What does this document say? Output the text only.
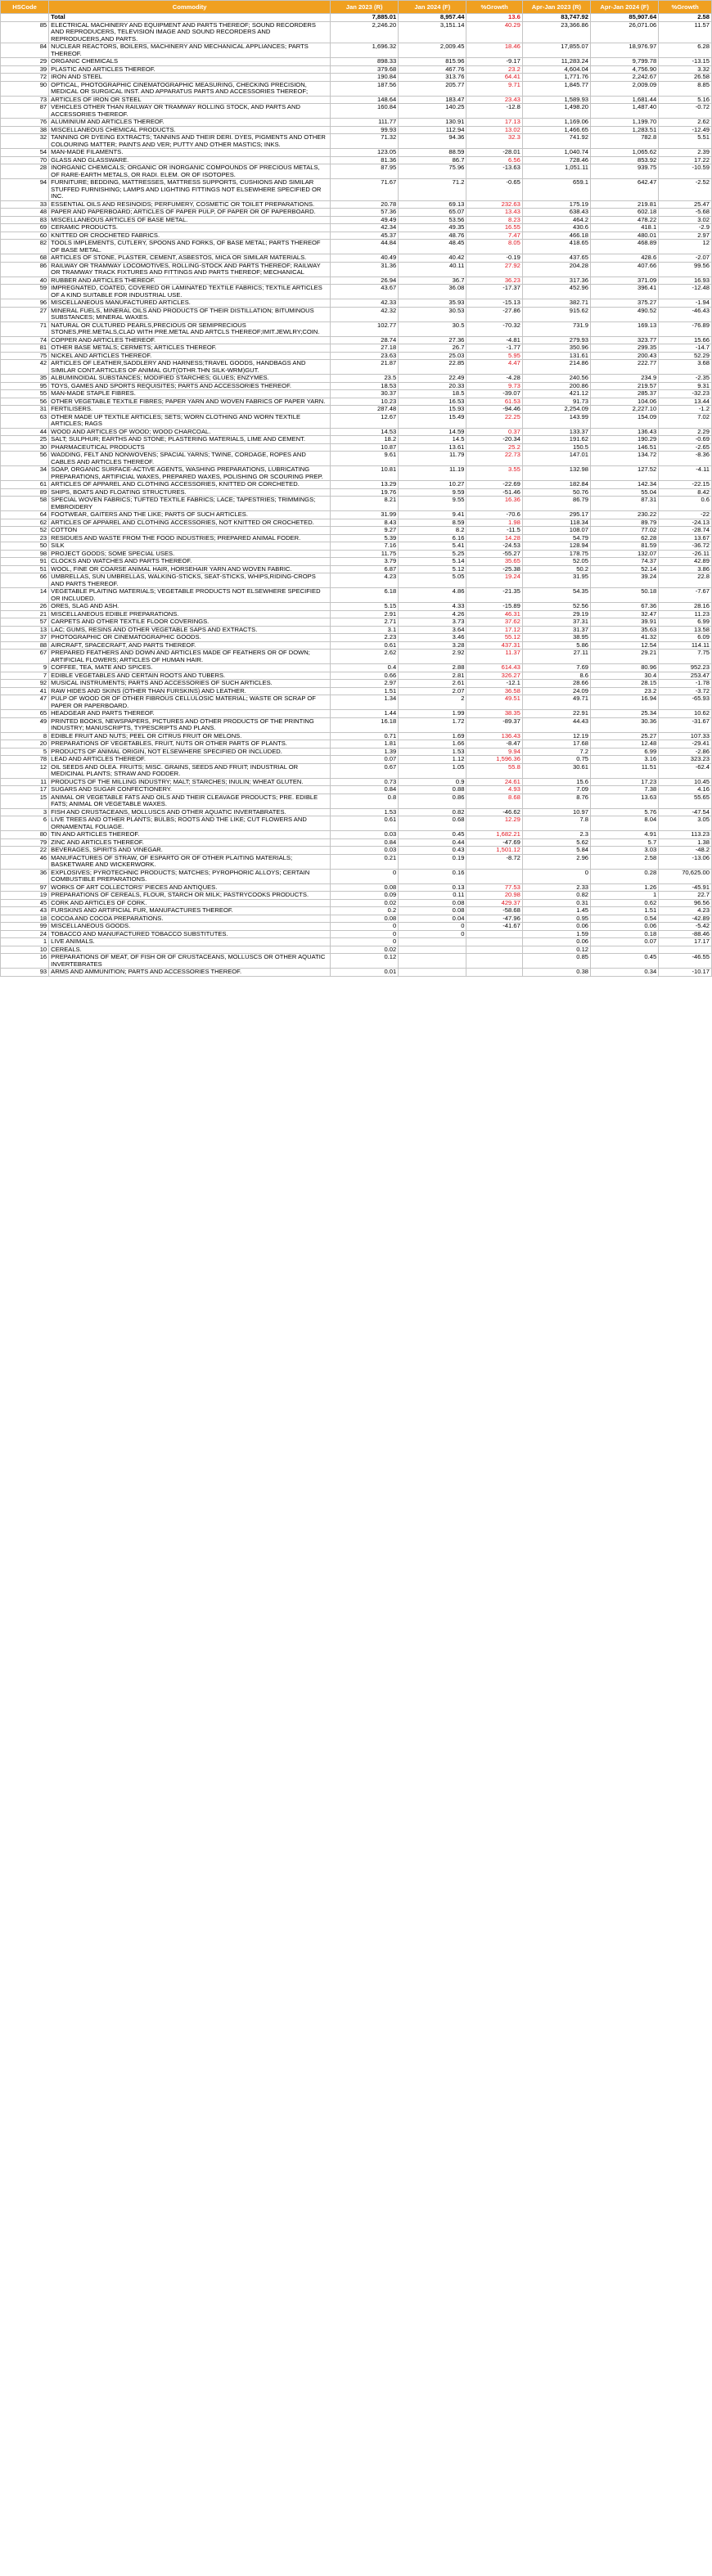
HSCode	Commodity	Jan 2023 (R)	Jan 2024 (F)	%Growth	Apr-Jan 2023 (R)	Apr-Jan 2024 (F)	%Growth
	Total	7,885.01	8,957.44	13.6	83,747.92	85,907.64	2.58
85	ELECTRICAL MACHINERY AND EQUIPMENT AND PARTS THEREOF; SOUND RECORDERS AND REPRODUCERS, TELEVISION IMAGE AND SOUND RECORDERS AND REPRODUCERS,AND PARTS.	2,246.20	3,151.14	40.29	23,366.86	26,071.06	11.57
84	NUCLEAR REACTORS, BOILERS, MACHINERY AND MECHANICAL APPLIANCES; PARTS THEREOF.	1,696.32	2,009.45	18.46	17,855.07	18,976.97	6.28
29	ORGANIC CHEMICALS	898.33	815.96	-9.17	11,283.24	9,799.78	-13.15
39	PLASTIC AND ARTICLES THEREOF.	379.68	467.76	23.2	4,604.04	4,756.90	3.32
72	IRON AND STEEL	190.84	313.76	64.41	1,771.76	2,242.67	26.58
90	OPTICAL, PHOTOGRAPHIC CINEMATOGRAPHIC MEASURING, CHECKING PRECISION, MEDICAL OR SURGICAL INST. AND APPARATUS PARTS AND ACCESSORIES THEREOF;	187.56	205.77	9.71	1,845.77	2,009.09	8.85
73	ARTICLES OF IRON OR STEEL	148.64	183.47	23.43	1,589.93	1,681.44	5.16
87	VEHICLES OTHER THAN RAILWAY OR TRAMWAY ROLLING STOCK, AND PARTS AND ACCESSORIES THEREOF.	160.84	140.25	-12.8	1,498.20	1,487.40	-0.72
76	ALUMINIUM AND ARTICLES THEREOF.	111.77	130.91	17.13	1,169.06	1,199.70	2.62
38	MISCELLANEOUS CHEMICAL PRODUCTS.	99.93	112.94	13.02	1,466.65	1,283.51	-12.49
32	TANNING OR DYEING EXTRACTS; TANNINS AND THEIR DERI. DYES, PIGMENTS AND OTHER COLOURING MATTER; PAINTS AND VER; PUTTY AND OTHER MASTICS; INKS.	71.32	94.36	32.3	741.92	782.8	5.51
54	MAN-MADE FILAMENTS.	123.05	88.59	-28.01	1,040.74	1,065.62	2.39
70	GLASS AND GLASSWARE.	81.36	86.7	6.56	728.46	853.92	17.22
28	INORGANIC CHEMICALS; ORGANIC OR INORGANIC COMPOUNDS OF PRECIOUS METALS, OF RARE-EARTH METALS, OR RADI. ELEM. OR OF ISOTOPES.	87.95	75.96	-13.63	1,051.11	939.75	-10.59
94	FURNITURE; BEDDING, MATTRESSES, MATTRESS SUPPORTS, CUSHIONS AND SIMILAR STUFFED FURNISHING; LAMPS AND LIGHTING FITTINGS NOT ELSEWHERE SPECIFIED OR INC.	71.67	71.2	-0.65	659.1	642.47	-2.52
33	ESSENTIAL OILS AND RESINOIDS; PERFUMERY, COSMETIC OR TOILET PREPARATIONS.	20.78	69.13	232.63	175.19	219.81	25.47
48	PAPER AND PAPERBOARD; ARTICLES OF PAPER PULP, OF PAPER OR OF PAPERBOARD.	57.36	65.07	13.43	638.43	602.18	-5.68
83	MISCELLANEOUS ARTICLES OF BASE METAL.	49.49	53.56	8.23	464.2	478.22	3.02
69	CERAMIC PRODUCTS.	42.34	49.35	16.55	430.6	418.1	-2.9
60	KNITTED OR CROCHETED FABRICS.	45.37	48.76	7.47	466.18	480.01	2.97
82	TOOLS IMPLEMENTS, CUTLERY, SPOONS AND FORKS, OF BASE METAL; PARTS THEREOF OF BASE METAL.	44.84	48.45	8.05	418.65	468.89	12
68	ARTICLES OF STONE, PLASTER, CEMENT, ASBESTOS, MICA OR SIMILAR MATERIALS.	40.49	40.42	-0.19	437.65	428.6	-2.07
86	RAILWAY OR TRAMWAY LOCOMOTIVES, ROLLING-STOCK AND PARTS THEREOF; RAILWAY OR TRAMWAY TRACK FIXTURES AND FITTINGS AND PARTS THEREOF; MECHANICAL	31.36	40.11	27.92	204.28	407.66	99.56
40	RUBBER AND ARTICLES THEREOF.	26.94	36.7	36.23	317.36	371.09	16.93
59	IMPREGNATED, COATED, COVERED OR LAMINATED TEXTILE FABRICS; TEXTILE ARTICLES OF A KIND SUITABLE FOR INDUSTRIAL USE.	43.67	36.08	-17.37	452.96	396.41	-12.48
96	MISCELLANEOUS MANUFACTURED ARTICLES.	42.33	35.93	-15.13	382.71	375.27	-1.94
27	MINERAL FUELS, MINERAL OILS AND PRODUCTS OF THEIR DISTILLATION; BITUMINOUS SUBSTANCES; MINERAL WAXES.	42.32	30.53	-27.86	915.62	490.52	-46.43
71	NATURAL OR CULTURED PEARLS,PRECIOUS OR SEMIPRECIOUS STONES,PRE.METALS,CLAD WITH PRE.METAL AND ARTCLS THEREOF;IMIT.JEWLRY;COIN.	102.77	30.5	-70.32	731.9	169.13	-76.89
74	COPPER AND ARTICLES THEREOF.	28.74	27.36	-4.81	279.93	323.77	15.66
81	OTHER BASE METALS; CERMETS; ARTICLES THEREOF.	27.18	26.7	-1.77	350.96	299.35	-14.7
75	NICKEL AND ARTICLES THEREOF.	23.63	25.03	5.95	131.61	200.43	52.29
42	ARTICLES OF LEATHER,SADDLERY AND HARNESS;TRAVEL GOODS, HANDBAGS AND SIMILAR CONT.ARTICLES OF ANIMAL GUT(OTHR.THN SILK-WRM)GUT.	21.87	22.85	4.47	214.86	222.77	3.68
35	ALBUMINOIDAL SUBSTANCES; MODIFIED STARCHES; GLUES; ENZYMES.	23.5	22.49	-4.28	240.56	234.9	-2.35
95	TOYS, GAMES AND SPORTS REQUISITES; PARTS AND ACCESSORIES THEREOF.	18.53	20.33	9.73	200.86	219.57	9.31
55	MAN-MADE STAPLE FIBRES.	30.37	18.5	-39.07	421.12	285.37	-32.23
56	OTHER VEGETABLE TEXTILE FIBRES; PAPER YARN AND WOVEN FABRICS OF PAPER YARN.	10.23	16.53	61.53	91.73	104.06	13.44
31	FERTILISERS.	287.48	15.93	-94.46	2,254.09	2,227.10	-1.2
63	OTHER MADE UP TEXTILE ARTICLES; SETS; WORN CLOTHING AND WORN TEXTILE ARTICLES; RAGS	12.67	15.49	22.25	143.99	154.09	7.02
44	WOOD AND ARTICLES OF WOOD; WOOD CHARCOAL.	14.53	14.59	0.37	133.37	136.43	2.29
25	SALT; SULPHUR; EARTHS AND STONE; PLASTERING MATERIALS, LIME AND CEMENT.	18.2	14.5	-20.34	191.62	190.29	-0.69
30	PHARMACEUTICAL PRODUCTS	10.87	13.61	25.2	150.5	146.51	-2.65
56	WADDING, FELT AND NONWOVENS; SPACIAL YARNS; TWINE, CORDAGE, ROPES AND CABLES AND ARTICLES THEREOF.	9.61	11.79	22.73	147.01	134.72	-8.36
34	SOAP, ORGANIC SURFACE-ACTIVE AGENTS, WASHING PREPARATIONS, LUBRICATING PREPARATIONS, ARTIFICIAL WAXES, PREPARED WAXES, POLISHING OR SCOURING PREP.	10.81	11.19	3.55	132.98	127.52	-4.11
61	ARTICLES OF APPAREL AND CLOTHING ACCESSORIES, KNITTED OR CORCHETED.	13.29	10.27	-22.69	182.84	142.34	-22.15
89	SHIPS, BOATS AND FLOATING STRUCTURES.	19.76	9.59	-51.46	50.76	55.04	8.42
58	SPECIAL WOVEN FABRICS; TUFTED TEXTILE FABRICS; LACE; TAPESTRIES; TRIMMINGS; EMBROIDERY	8.21	9.55	16.36	86.79	87.31	0.6
64	FOOTWEAR, GAITERS AND THE LIKE; PARTS OF SUCH ARTICLES.	31.99	9.41	-70.6	295.17	230.22	-22
62	ARTICLES OF APPAREL AND CLOTHING ACCESSORIES, NOT KNITTED OR CROCHETED.	8.43	8.59	1.98	118.34	89.79	-24.13
52	COTTON	9.27	8.2	-11.5	108.07	77.02	-28.74
23	RESIDUES AND WASTE FROM THE FOOD INDUSTRIES; PREPARED ANIMAL FODER.	5.39	6.16	14.28	54.79	62.28	13.67
50	SILK	7.16	5.41	-24.53	128.94	81.59	-36.72
98	PROJECT GOODS; SOME SPECIAL USES.	11.75	5.25	-55.27	178.75	132.07	-26.11
91	CLOCKS AND WATCHES AND PARTS THEREOF.	3.79	5.14	35.65	52.05	74.37	42.89
51	WOOL, FINE OR COARSE ANIMAL HAIR, HORSEHAIR YARN AND WOVEN FABRIC.	6.87	5.12	-25.38	50.2	52.14	3.86
66	UMBRELLAS, SUN UMBRELLAS, WALKING-STICKS, SEAT-STICKS, WHIPS,RIDING-CROPS AND PARTS THEREOF.	4.23	5.05	19.24	31.95	39.24	22.8
14	VEGETABLE PLAITING MATERIALS; VEGETABLE PRODUCTS NOT ELSEWHERE SPECIFIED OR INCLUDED.	6.18	4.86	-21.35	54.35	50.18	-7.67
26	ORES, SLAG AND ASH.	5.15	4.33	-15.89	52.56	67.36	28.16
21	MISCELLANEOUS EDIBLE PREPARATIONS.	2.91	4.26	46.31	29.19	32.47	11.23
57	CARPETS AND OTHER TEXTILE FLOOR COVERINGS.	2.71	3.73	37.62	37.31	39.91	6.99
13	LAC; GUMS, RESINS AND OTHER VEGETABLE SAPS AND EXTRACTS.	3.1	3.64	17.12	31.37	35.63	13.58
37	PHOTOGRAPHIC OR CINEMATOGRAPHIC GOODS.	2.23	3.46	55.12	38.95	41.32	6.09
88	AIRCRAFT, SPACECRAFT, AND PARTS THEREOF.	0.61	3.28	437.31	5.86	12.54	114.11
67	PREPARED FEATHERS AND DOWN AND ARTICLES MADE OF FEATHERS OR OF DOWN; ARTIFICIAL FLOWERS; ARTICLES OF HUMAN HAIR.	2.62	2.92	11.37	27.11	29.21	7.75
9	COFFEE, TEA, MATE AND SPICES.	0.4	2.88	614.43	7.69	80.96	952.23
7	EDIBLE VEGETABLES AND CERTAIN ROOTS AND TUBERS.	0.66	2.81	326.27	8.6	30.4	253.47
92	MUSICAL INSTRUMENTS; PARTS AND ACCESSORIES OF SUCH ARTICLES.	2.97	2.61	-12.1	28.66	28.15	-1.78
41	RAW HIDES AND SKINS (OTHER THAN FURSKINS) AND LEATHER.	1.51	2.07	36.58	24.09	23.2	-3.72
47	PULP OF WOOD OR OF OTHER FIBROUS CELLULOSIC MATERIAL; WASTE OR SCRAP OF PAPER OR PAPERBOARD.	1.34	2	49.51	49.71	16.94	-65.93
65	HEADGEAR AND PARTS THEREOF.	1.44	1.99	38.35	22.91	25.34	10.62
49	PRINTED BOOKS, NEWSPAPERS, PICTURES AND OTHER PRODUCTS OF THE PRINTING INDUSTRY; MANUSCRIPTS, TYPESCRIPTS AND PLANS.	16.18	1.72	-89.37	44.43	30.36	-31.67
8	EDIBLE FRUIT AND NUTS; PEEL OR CITRUS FRUIT OR MELONS.	0.71	1.69	136.43	12.19	25.27	107.33
20	PREPARATIONS OF VEGETABLES, FRUIT, NUTS OR OTHER PARTS OF PLANTS.	1.81	1.66	-8.47	17.68	12.48	-29.41
5	PRODUCTS OF ANIMAL ORIGIN, NOT ELSEWHERE SPECIFIED OR INCLUDED.	1.39	1.53	9.94	7.2	6.99	-2.86
78	LEAD AND ARTICLES THEREOF.	0.07	1.12	1,596.36	0.75	3.16	323.23
12	OIL SEEDS AND OLEA. FRUITS; MISC. GRAINS, SEEDS AND FRUIT; INDUSTRIAL OR MEDICINAL PLANTS; STRAW AND FODDER.	0.67	1.05	55.8	30.61	11.51	-62.4
11	PRODUCTS OF THE MILLING INDUSTRY; MALT; STARCHES; INULIN; WHEAT GLUTEN.	0.73	0.9	24.61	15.6	17.23	10.45
17	SUGARS AND SUGAR CONFECTIONERY.	0.84	0.88	4.93	7.09	7.38	4.16
15	ANIMAL OR VEGETABLE FATS AND OILS AND THEIR CLEAVAGE PRODUCTS; PRE. EDIBLE FATS; ANIMAL OR VEGETABLE WAXES.	0.8	0.86	8.68	8.76	13.63	55.65
3	FISH AND CRUSTACEANS, MOLLUSCS AND OTHER AQUATIC INVERTABRATES.	1.53	0.82	-46.62	10.97	5.76	-47.54
6	LIVE TREES AND OTHER PLANTS; BULBS; ROOTS AND THE LIKE; CUT FLOWERS AND ORNAMENTAL FOLIAGE.	0.61	0.68	12.29	7.8	8.04	3.05
80	TIN AND ARTICLES THEREOF.	0.03	0.45	1,682.21	2.3	4.91	113.23
79	ZINC AND ARTICLES THEREOF.	0.84	0.44	-47.69	5.62	5.7	1.38
22	BEVERAGES, SPIRITS AND VINEGAR.	0.03	0.43	1,501.12	5.84	3.03	-48.2
46	MANUFACTURES OF STRAW, OF ESPARTO OR OF OTHER PLAITING MATERIALS; BASKETWARE AND WICKERWORK.	0.21	0.19	-8.72	2.96	2.58	-13.06
36	EXPLOSIVES; PYROTECHNIC PRODUCTS; MATCHES; PYROPHORIC ALLOYS; CERTAIN COMBUSTIBLE PREPARATIONS.	0	0.16		0	0.28	70,625.00
97	WORKS OF ART COLLECTORS' PIECES AND ANTIQUES.	0.08	0.13	77.53	2.33	1.26	-45.91
19	PREPARATIONS OF CEREALS, FLOUR, STARCH OR MILK; PASTRYCOOKS PRODUCTS.	0.09	0.11	20.98	0.82	1	22.7
45	CORK AND ARTICLES OF CORK.	0.02	0.08	429.37	0.31	0.62	96.56
43	FURSKINS AND ARTIFICIAL FUR, MANUFACTURES THEREOF.	0.2	0.08	-58.68	1.45	1.51	4.23
18	COCOA AND COCOA PREPARATIONS.	0.08	0.04	-47.96	0.95	0.54	-42.89
99	MISCELLANEOUS GOODS.	0	0	-41.67	0.06	0.06	-5.42
24	TOBACCO AND MANUFACTURED TOBACCO SUBSTITUTES.	0	0		1.59	0.18	-88.46
1	LIVE ANIMALS.	0			0.06	0.07	17.17
10	CEREALS.	0.02			0.12		
16	PREPARATIONS OF MEAT, OF FISH OR OF CRUSTACEANS, MOLLUSCS OR OTHER AQUATIC INVERTEBRATES	0.12			0.85	0.45	-46.55
93	ARMS AND AMMUNITION; PARTS AND ACCESSORIES THEREOF.	0.01			0.38	0.34	-10.17
